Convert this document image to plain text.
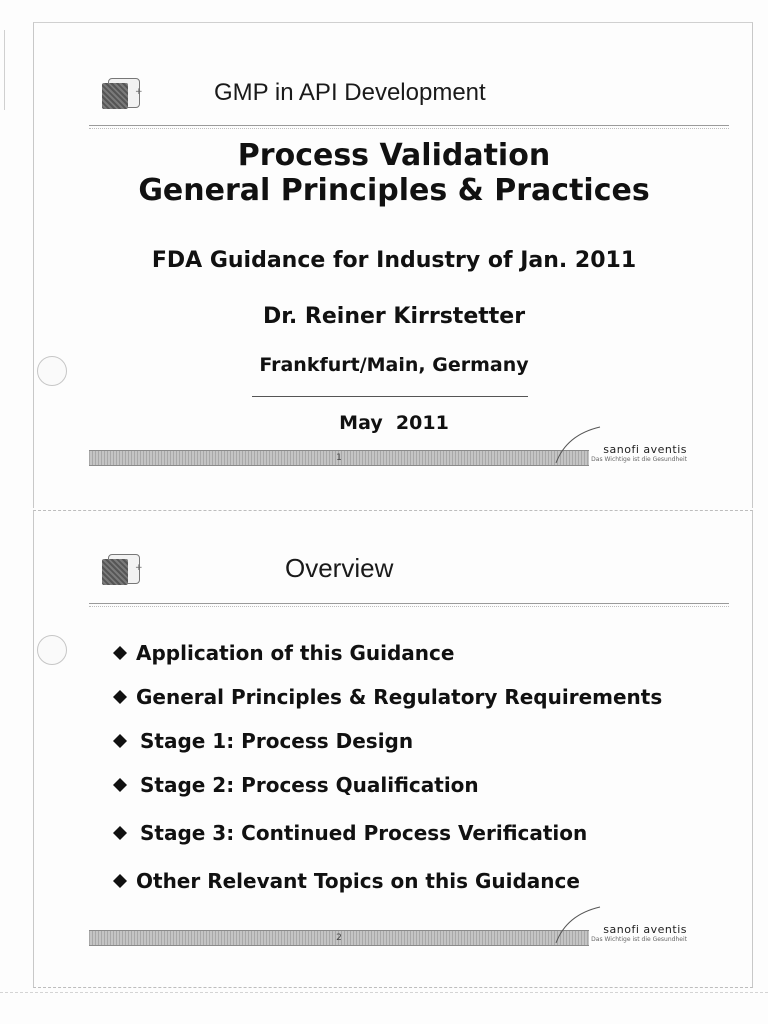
+	GMP in API Development
Process Validation
General Principles & Practices
FDA Guidance for Industry of Jan. 2011
Dr. Reiner Kirrstetter
Frankfurt/Main, Germany
May  2011
1
sanofi aventis
Das Wichtige ist die Gesundheit
+	Overview
Application of this Guidance
General Principles & Regulatory Requirements
Stage 1: Process Design
Stage 2: Process Qualification
Stage 3: Continued Process Verification
Other Relevant Topics on this Guidance
2
sanofi aventis
Das Wichtige ist die Gesundheit
